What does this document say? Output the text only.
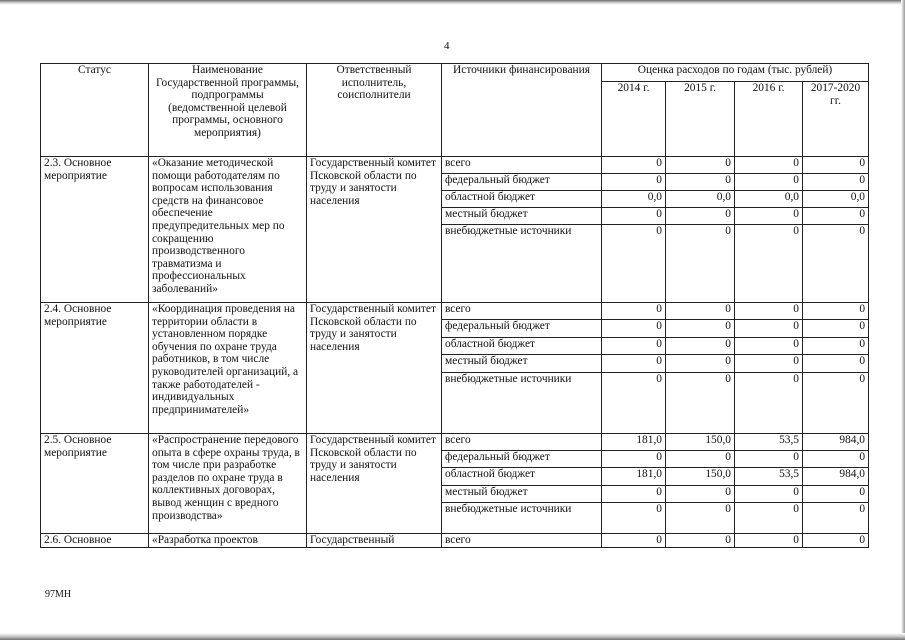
4
Статус	Наименование Государственной программы, подпрограммы (ведомственной целевой программы, основного мероприятия)	Ответственный исполнитель, соисполнители	Источники финансирования	Оценка расходов по годам (тыс. рублей)			
				2014 г.	2015 г.	2016 г.	2017-2020 гг.
2.3. Основное мероприятие	«Оказание методической помощи работодателям по вопросам использования средств на финансовое обеспечение предупредительных мер по сокращению производственного травматизма и профессиональных заболеваний»	Государственный комитет Псковской области по труду и занятости населения	всего	0	0	0	0
			федеральный бюджет	0	0	0	0
			областной бюджет	0,0	0,0	0,0	0,0
			местный бюджет	0	0	0	0
			внебюджетные источники	0	0	0	0
2.4. Основное мероприятие	«Координация проведения на территории области в установленном порядке обучения по охране труда работников, в том числе руководителей организаций, а также работодателей - индивидуальных предпринимателей»	Государственный комитет Псковской области по труду и занятости населения	всего	0	0	0	0
			федеральный бюджет	0	0	0	0
			областной бюджет	0	0	0	0
			местный бюджет	0	0	0	0
			внебюджетные источники	0	0	0	0
2.5. Основное мероприятие	«Распространение передового опыта в сфере охраны труда, в том числе при разработке разделов по охране труда в коллективных договорах, вывод женщин с вредного производства»	Государственный комитет Псковской области по труду и занятости населения	всего	181,0	150,0	53,5	984,0
			федеральный бюджет	0	0	0	0
			областной бюджет	181,0	150,0	53,5	984,0
			местный бюджет	0	0	0	0
			внебюджетные источники	0	0	0	0
2.6. Основное	«Разработка проектов	Государственный	всего	0	0	0	0
97МН
